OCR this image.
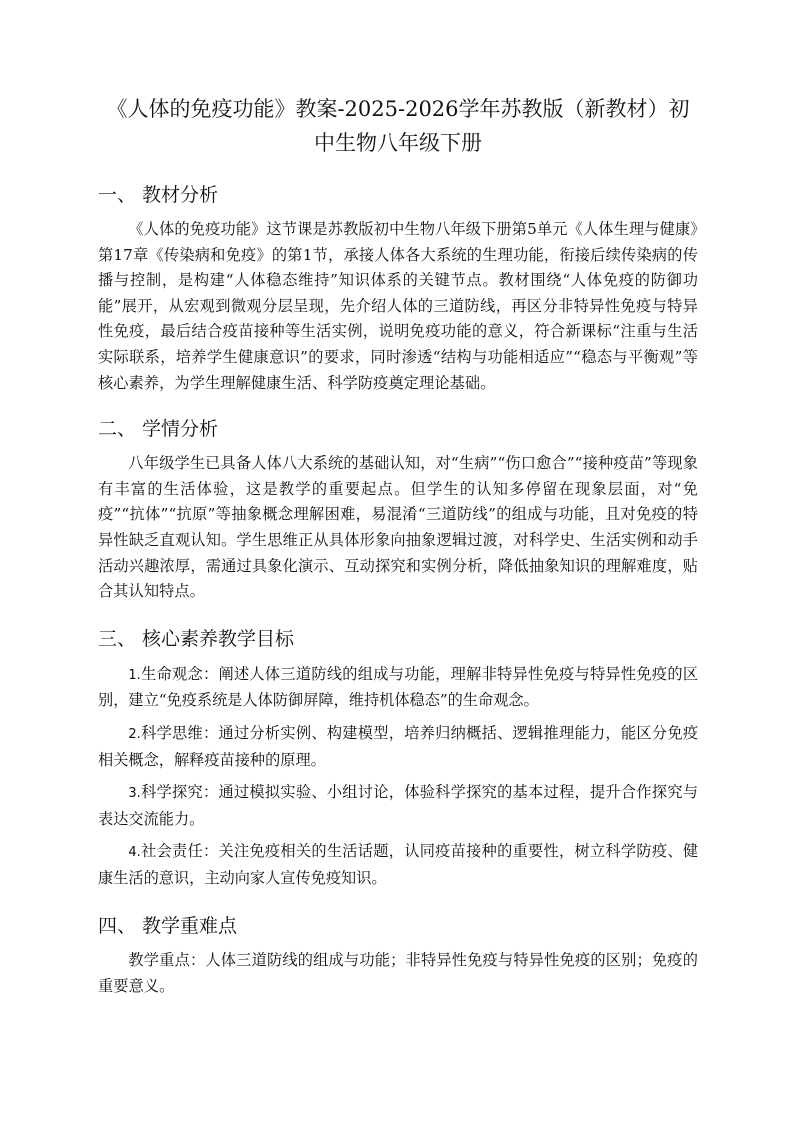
《人体的免疫功能》教案-2025-2026学年苏教版（新教材）初中生物八年级下册
一、 教材分析

《人体的免疫功能》这节课是苏教版初中生物八年级下册第5单元《人体生理与健康》第17章《传染病和免疫》的第1节，承接人体各大系统的生理功能，衔接后续传染病的传播与控制，是构建“人体稳态维持”知识体系的关键节点。教材围绕“人体免疫的防御功能”展开，从宏观到微观分层呈现，先介绍人体的三道防线，再区分非特异性免疫与特异性免疫，最后结合疫苗接种等生活实例，说明免疫功能的意义，符合新课标“注重与生活实际联系，培养学生健康意识”的要求，同时渗透“结构与功能相适应”“稳态与平衡观”等核心素养，为学生理解健康生活、科学防疫奠定理论基础。

二、 学情分析

八年级学生已具备人体八大系统的基础认知，对“生病”“伤口愈合”“接种疫苗”等现象有丰富的生活体验，这是教学的重要起点。但学生的认知多停留在现象层面，对“免疫”“抗体”“抗原”等抽象概念理解困难，易混淆“三道防线”的组成与功能，且对免疫的特异性缺乏直观认知。学生思维正从具体形象向抽象逻辑过渡，对科学史、生活实例和动手活动兴趣浓厚，需通过具象化演示、互动探究和实例分析，降低抽象知识的理解难度，贴合其认知特点。

三、 核心素养教学目标

1.生命观念：阐述人体三道防线的组成与功能，理解非特异性免疫与特异性免疫的区别，建立“免疫系统是人体防御屏障，维持机体稳态”的生命观念。

2.科学思维：通过分析实例、构建模型，培养归纳概括、逻辑推理能力，能区分免疫相关概念，解释疫苗接种的原理。

3.科学探究：通过模拟实验、小组讨论，体验科学探究的基本过程，提升合作探究与表达交流能力。

4.社会责任：关注免疫相关的生活话题，认同疫苗接种的重要性，树立科学防疫、健康生活的意识，主动向家人宣传免疫知识。

四、 教学重难点

教学重点：人体三道防线的组成与功能；非特异性免疫与特异性免疫的区别；免疫的重要意义。
